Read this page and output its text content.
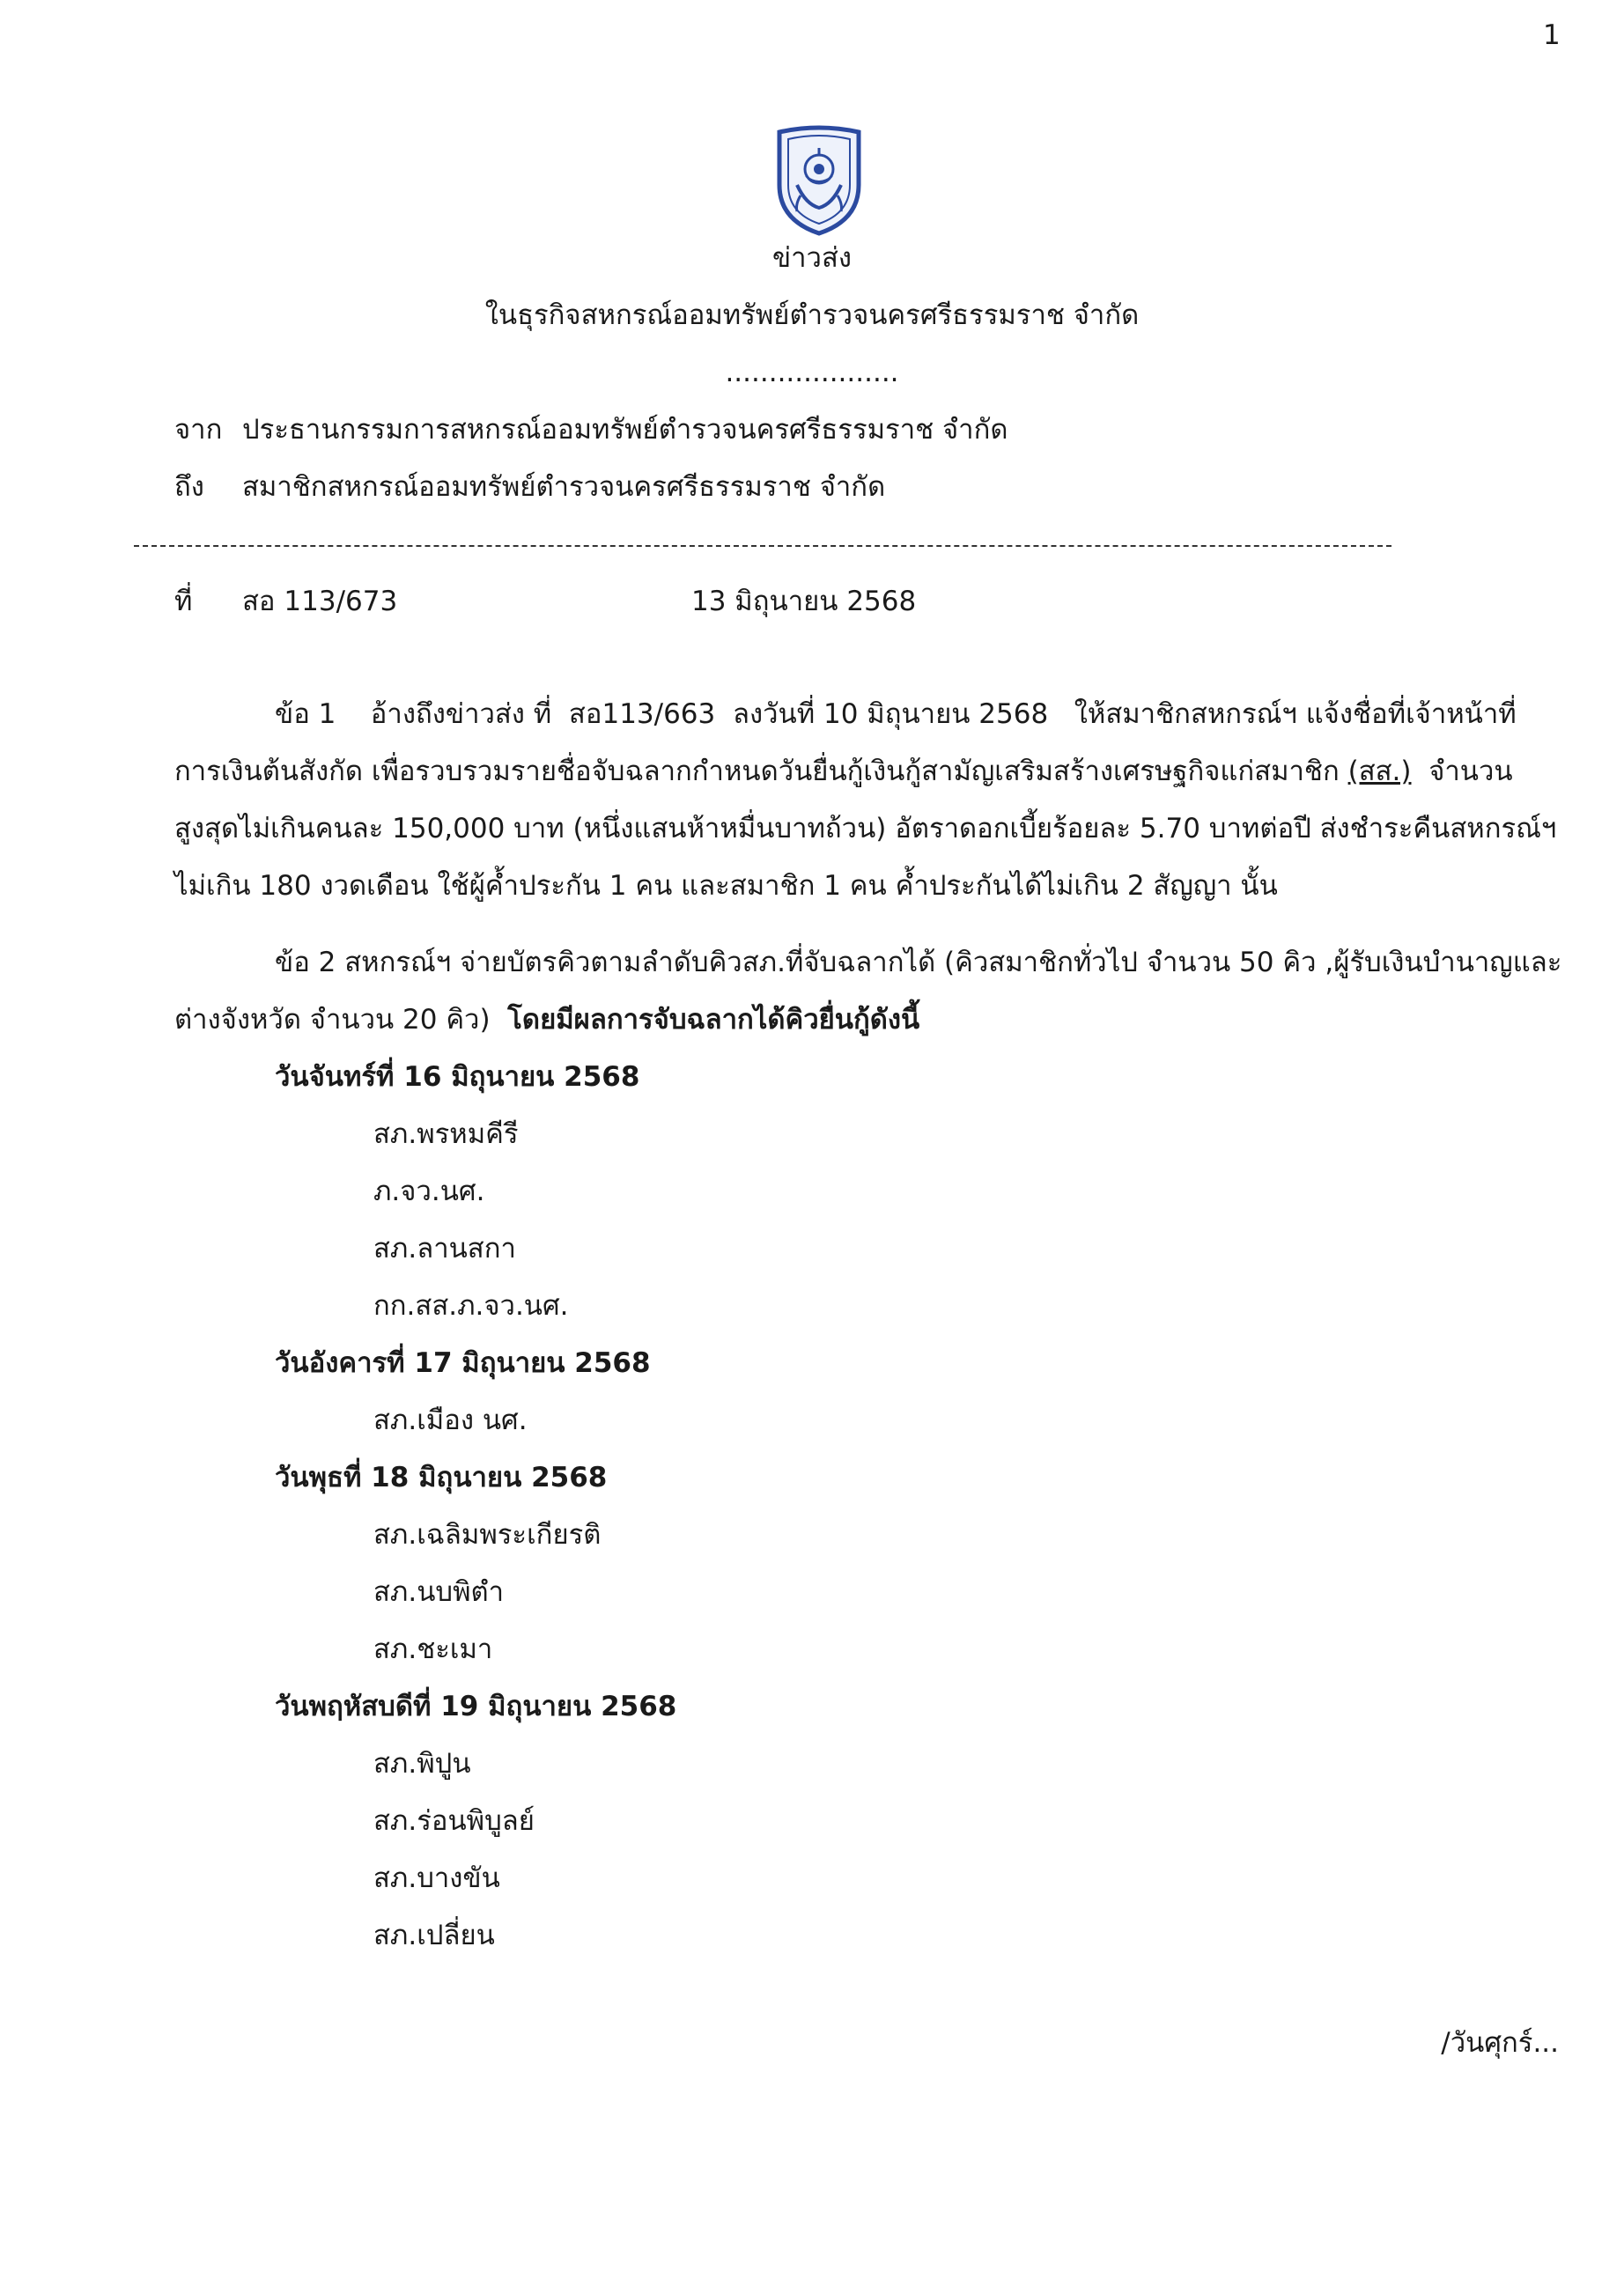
1
ข่าวส่ง
ในธุรกิจสหกรณ์ออมทรัพย์ตำรวจนครศรีธรรมราช จำกัด
....................
จาก ประธานกรรมการสหกรณ์ออมทรัพย์ตำรวจนครศรีธรรมราช จำกัด
ถึง สมาชิกสหกรณ์ออมทรัพย์ตำรวจนครศรีธรรมราช จำกัด
ที่ สอ 113/673	13 มิถุนายน 2568
ข้อ 1    อ้างถึงข่าวส่ง ที่  สอ113/663  ลงวันที่ 10 มิถุนายน 2568   ให้สมาชิกสหกรณ์ฯ แจ้งชื่อที่เจ้าหน้าที่
การเงินต้นสังกัด เพื่อรวบรวมรายชื่อจับฉลากกำหนดวันยื่นกู้เงินกู้สามัญเสริมสร้างเศรษฐกิจแก่สมาชิก (สส.)  จำนวน
สูงสุดไม่เกินคนละ 150,000 บาท (หนึ่งแสนห้าหมื่นบาทถ้วน) อัตราดอกเบี้ยร้อยละ 5.70 บาทต่อปี ส่งชำระคืนสหกรณ์ฯ
ไม่เกิน 180 งวดเดือน ใช้ผู้ค้ำประกัน 1 คน และสมาชิก 1 คน ค้ำประกันได้ไม่เกิน 2 สัญญา นั้น
ข้อ 2 สหกรณ์ฯ จ่ายบัตรคิวตามลำดับคิวสภ.ที่จับฉลากได้ (คิวสมาชิกทั่วไป จำนวน 50 คิว ,ผู้รับเงินบำนาญและ
ต่างจังหวัด จำนวน 20 คิว)  โดยมีผลการจับฉลากได้คิวยื่นกู้ดังนี้
วันจันทร์ที่ 16 มิถุนายน 2568
สภ.พรหมคีรี
ภ.จว.นศ.
สภ.ลานสกา
กก.สส.ภ.จว.นศ.
วันอังคารที่ 17 มิถุนายน 2568
สภ.เมือง นศ.
วันพุธที่ 18 มิถุนายน 2568
สภ.เฉลิมพระเกียรติ
สภ.นบพิตำ
สภ.ชะเมา
วันพฤหัสบดีที่ 19 มิถุนายน 2568
สภ.พิปูน
สภ.ร่อนพิบูลย์
สภ.บางขัน
สภ.เปลี่ยน
/วันศุกร์...
